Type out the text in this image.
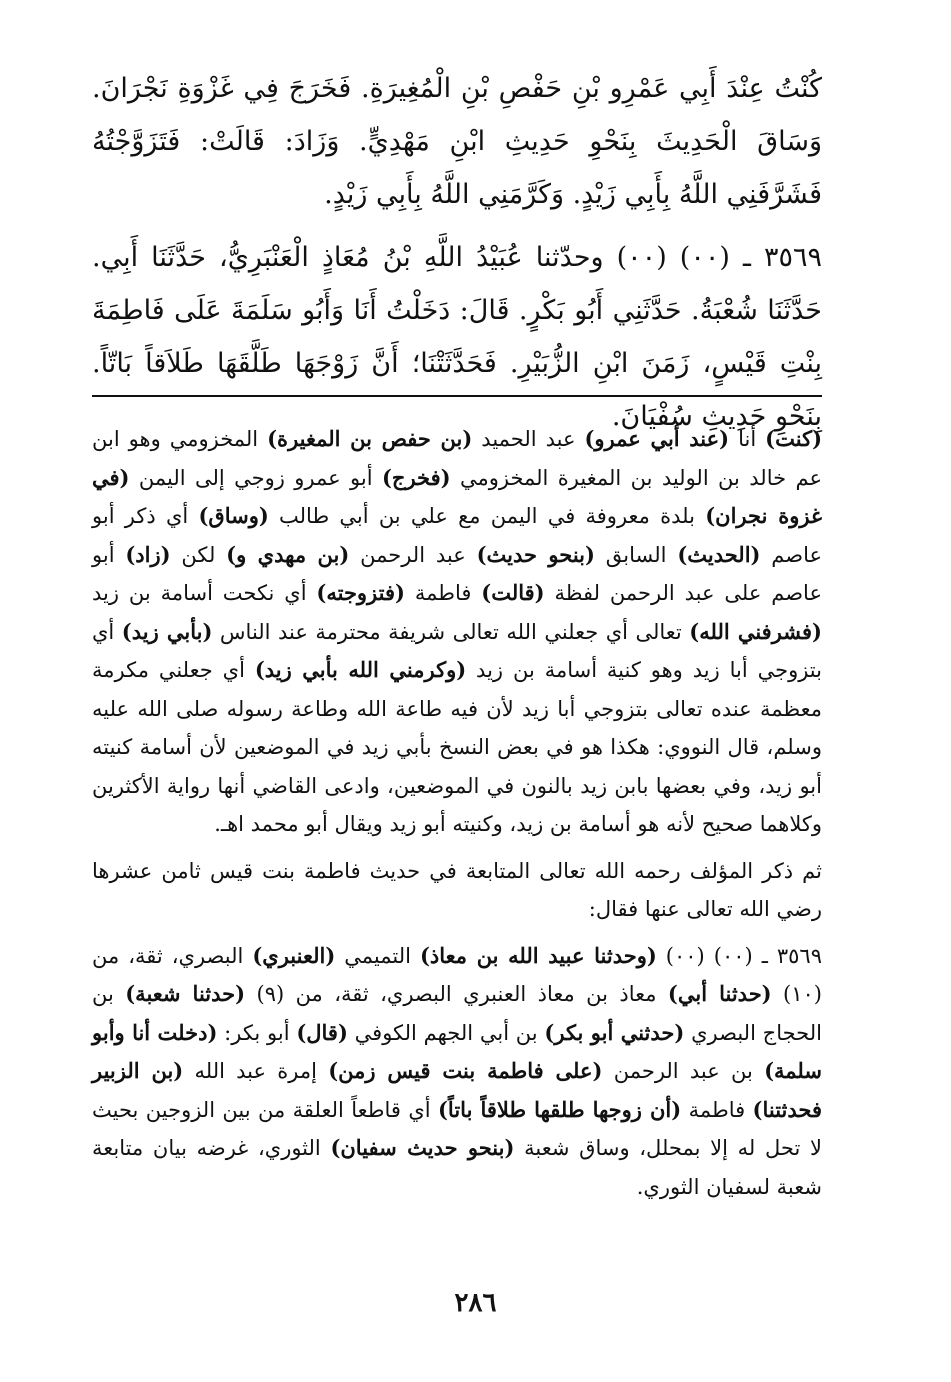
كُنْتُ عِنْدَ أَبِي عَمْرِو بْنِ حَفْصِ بْنِ الْمُغِيرَةِ. فَخَرَجَ فِي غَزْوَةِ نَجْرَانَ. وَسَاقَ الْحَدِيثَ بِنَحْوِ حَدِيثِ ابْنِ مَهْدِيٍّ. وَزَادَ: قَالَتْ: فَتَزَوَّجْتُهُ فَشَرَّفَنِي اللَّهُ بِأَبِي زَيْدٍ. وَكَرَّمَنِي اللَّهُ بِأَبِي زَيْدٍ.

٣٥٦٩ ـ (٠٠) (٠٠) وحدّثنا عُبَيْدُ اللَّهِ بْنُ مُعَاذٍ الْعَنْبَرِيُّ، حَدَّثَنَا أَبِي. حَدَّثَنَا شُعْبَةُ. حَدَّثَنِي أَبُو بَكْرٍ. قَالَ: دَخَلْتُ أَنَا وَأَبُو سَلَمَةَ عَلَى فَاطِمَةَ بِنْتِ قَيْسٍ، زَمَنَ ابْنِ الزُّبَيْرِ. فَحَدَّثَتْنَا؛ أَنَّ زَوْجَهَا طَلَّقَهَا طَلاَقاً بَاتّاً. بِنَحْوِ حَدِيثِ سُفْيَانَ.

(كنت) أنا (عند أبي عمرو) عبد الحميد (بن حفص بن المغيرة) المخزومي وهو ابن عم خالد بن الوليد بن المغيرة المخزومي (فخرج) أبو عمرو زوجي إلى اليمن (في غزوة نجران) بلدة معروفة في اليمن مع علي بن أبي طالب (وساق) أي ذكر أبو عاصم (الحديث) السابق (بنحو حديث) عبد الرحمن (بن مهدي و) لكن (زاد) أبو عاصم على عبد الرحمن لفظة (قالت) فاطمة (فتزوجته) أي نكحت أسامة بن زيد (فشرفني الله) تعالى أي جعلني الله تعالى شريفة محترمة عند الناس (بأبي زيد) أي بتزوجي أبا زيد وهو كنية أسامة بن زيد (وكرمني الله بأبي زيد) أي جعلني مكرمة معظمة عنده تعالى بتزوجي أبا زيد لأن فيه طاعة الله وطاعة رسوله صلى الله عليه وسلم، قال النووي: هكذا هو في بعض النسخ بأبي زيد في الموضعين لأن أسامة كنيته أبو زيد، وفي بعضها بابن زيد بالنون في الموضعين، وادعى القاضي أنها رواية الأكثرين وكلاهما صحيح لأنه هو أسامة بن زيد، وكنيته أبو زيد ويقال أبو محمد اهـ.

ثم ذكر المؤلف رحمه الله تعالى المتابعة في حديث فاطمة بنت قيس ثامن عشرها رضي الله تعالى عنها فقال:

٣٥٦٩ ـ (٠٠) (٠٠) (وحدثنا عبيد الله بن معاذ) التميمي (العنبري) البصري، ثقة، من (١٠) (حدثنا أبي) معاذ بن معاذ العنبري البصري، ثقة، من (٩) (حدثنا شعبة) بن الحجاج البصري (حدثني أبو بكر) بن أبي الجهم الكوفي (قال) أبو بكر: (دخلت أنا وأبو سلمة) بن عبد الرحمن (على فاطمة بنت قيس زمن) إمرة عبد الله (بن الزبير فحدثتنا) فاطمة (أن زوجها طلقها طلاقاً باتاً) أي قاطعاً العلقة من بين الزوجين بحيث لا تحل له إلا بمحلل، وساق شعبة (بنحو حديث سفيان) الثوري، غرضه بيان متابعة شعبة لسفيان الثوري.

٢٨٦
